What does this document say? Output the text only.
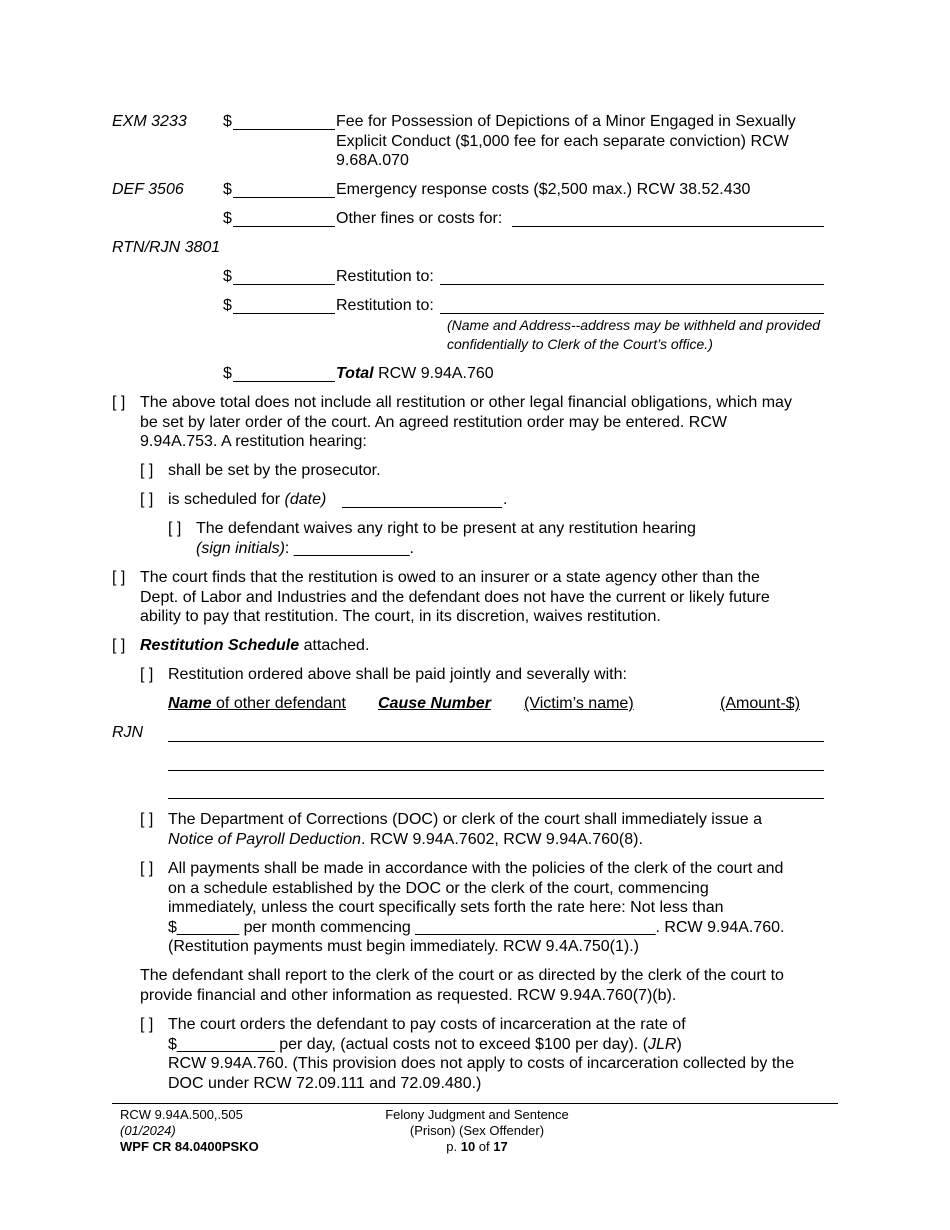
EXM 3233 $	Fee for Possession of Depictions of a Minor Engaged in Sexually
Explicit Conduct ($1,000 fee for each separate conviction) RCW
9.68A.070
DEF 3506 $	Emergency response costs ($2,500 max.) RCW 38.52.430
$	Other fines or costs for:
RTN/RJN 3801
$	Restitution to:
$	Restitution to:
(Name and Address--address may be withheld and provided
confidentially to Clerk of the Court’s office.)
$	Total RCW 9.94A.760
[ ] The above total does not include all restitution or other legal financial obligations, which may
be set by later order of the court. An agreed restitution order may be entered. RCW
9.94A.753. A restitution hearing:
[ ] shall be set by the prosecutor.
[ ] is scheduled for (date)	.
[ ] The defendant waives any right to be present at any restitution hearing
(sign initials): _____________.
[ ] The court finds that the restitution is owed to an insurer or a state agency other than the
Dept. of Labor and Industries and the defendant does not have the current or likely future
ability to pay that restitution. The court, in its discretion, waives restitution.
[ ] Restitution Schedule attached.
[ ] Restitution ordered above shall be paid jointly and severally with:
Name of other defendant Cause Number (Victim’s name)	(Amount-$)
RJN
[ ] The Department of Corrections (DOC) or clerk of the court shall immediately issue a
Notice of Payroll Deduction. RCW 9.94A.7602, RCW 9.94A.760(8).
[ ] All payments shall be made in accordance with the policies of the clerk of the court and
on a schedule established by the DOC or the clerk of the court, commencing
immediately, unless the court specifically sets forth the rate here: Not less than
$_______ per month commencing ___________________________. RCW 9.94A.760.
(Restitution payments must begin immediately. RCW 9.4A.750(1).)
The defendant shall report to the clerk of the court or as directed by the clerk of the court to
provide financial and other information as requested. RCW 9.94A.760(7)(b).
[ ] The court orders the defendant to pay costs of incarceration at the rate of
$___________ per day, (actual costs not to exceed $100 per day). (JLR)
RCW 9.94A.760. (This provision does not apply to costs of incarceration collected by the
DOC under RCW 72.09.111 and 72.09.480.)
RCW 9.94A.500,.505
(01/2024)
WPF CR 84.0400PSKO
Felony Judgment and Sentence
(Prison) (Sex Offender)
p. 10 of 17
